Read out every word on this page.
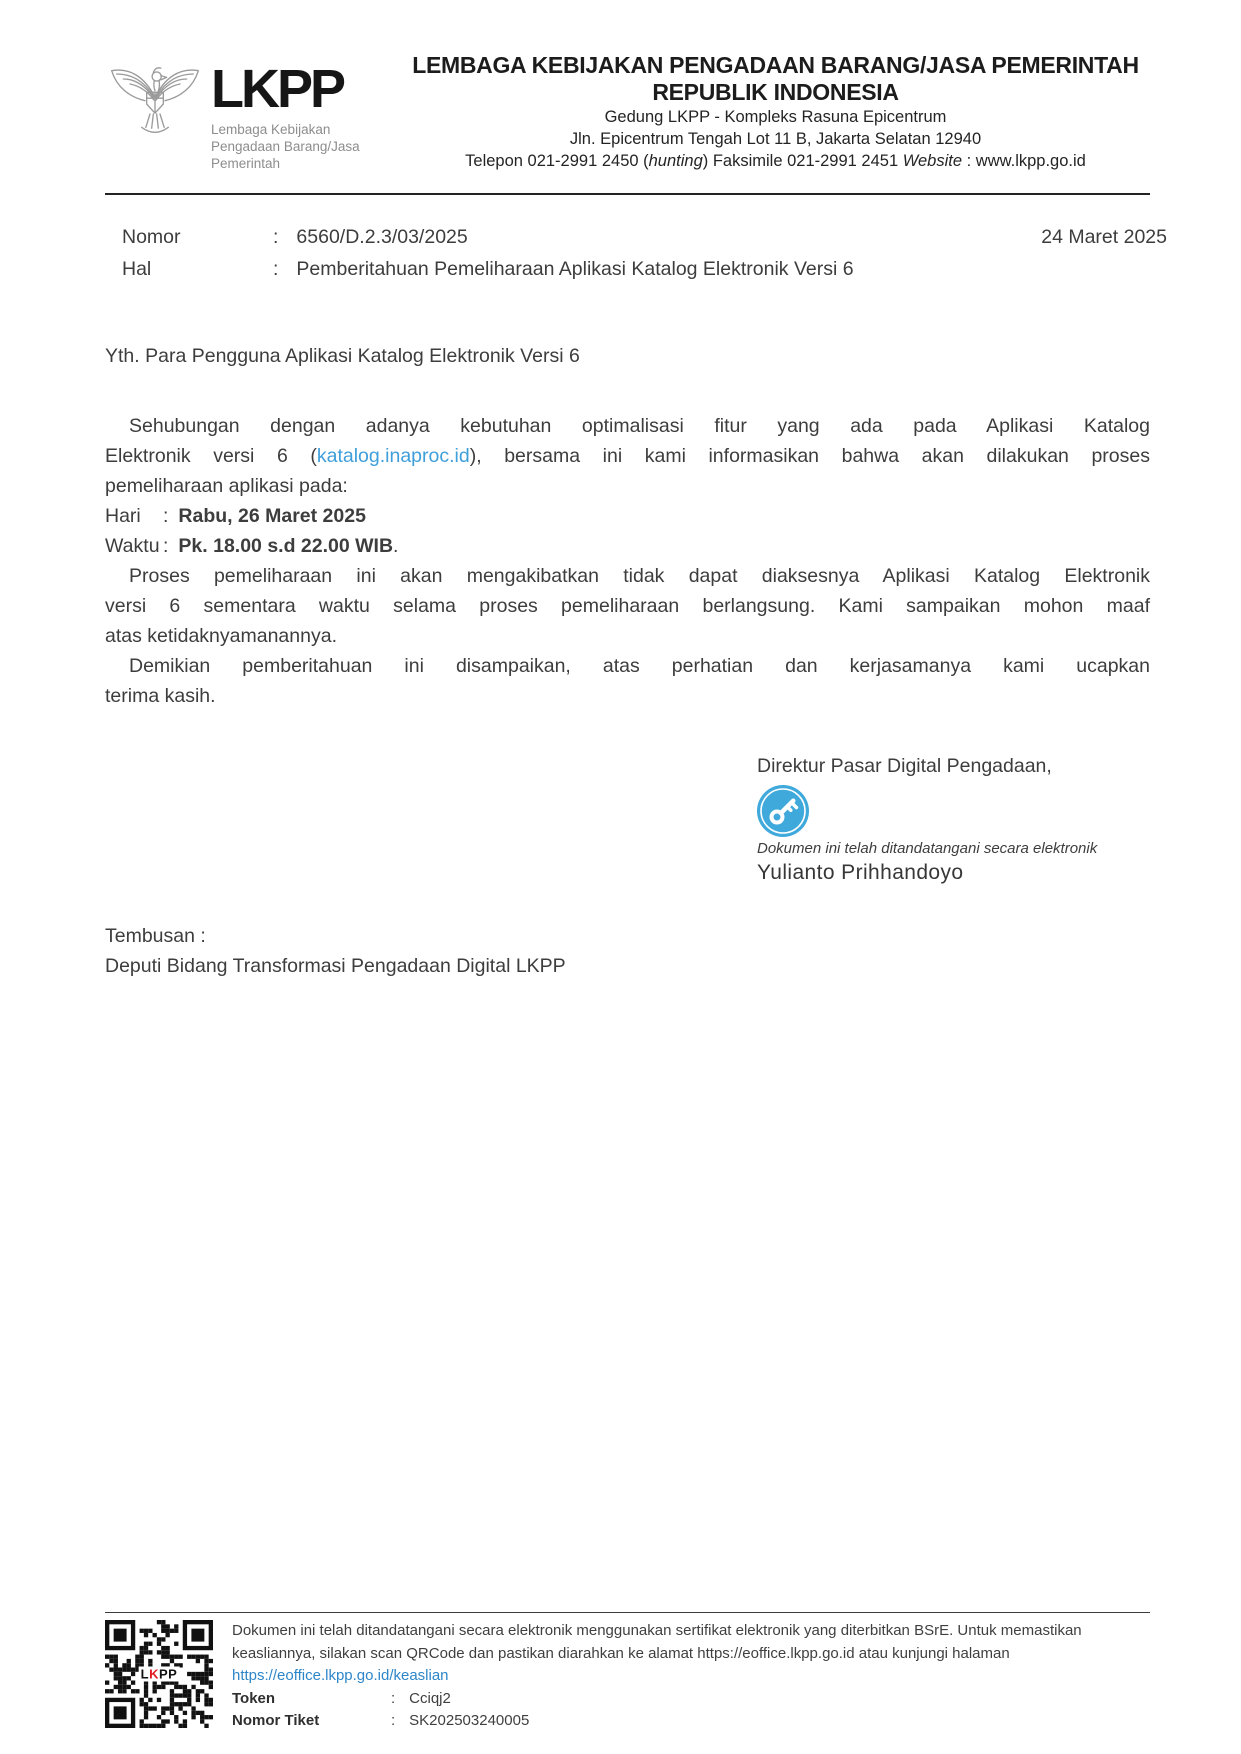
LKPP
Lembaga Kebijakan
Pengadaan Barang/Jasa Pemerintah
LEMBAGA KEBIJAKAN PENGADAAN BARANG/JASA PEMERINTAH
REPUBLIK INDONESIA
Gedung LKPP - Kompleks Rasuna Epicentrum
Jln. Epicentrum Tengah Lot 11 B, Jakarta Selatan 12940
Telepon 021-2991 2450 (hunting) Faksimile 021-2991 2451 Website : www.lkpp.go.id
Nomor	: 6560/D.2.3/03/2025	24 Maret 2025
Hal	: Pemberitahuan Pemeliharaan Aplikasi Katalog Elektronik Versi 6
Yth. Para Pengguna Aplikasi Katalog Elektronik Versi 6
Sehubungan dengan adanya kebutuhan optimalisasi fitur yang ada pada Aplikasi Katalog
Elektronik versi 6 (katalog.inaproc.id), bersama ini kami informasikan bahwa akan dilakukan proses
pemeliharaan aplikasi pada:
Hari	: Rabu, 26 Maret 2025
Waktu : Pk. 18.00 s.d 22.00 WIB.
Proses pemeliharaan ini akan mengakibatkan tidak dapat diaksesnya Aplikasi Katalog Elektronik
versi 6 sementara waktu selama proses pemeliharaan berlangsung. Kami sampaikan mohon maaf
atas ketidaknyamanannya.
Demikian pemberitahuan ini disampaikan, atas perhatian dan kerjasamanya kami ucapkan
terima kasih.
Direktur Pasar Digital Pengadaan,
Dokumen ini telah ditandatangani secara elektronik
Yulianto Prihhandoyo
Tembusan :
Deputi Bidang Transformasi Pengadaan Digital LKPP
LKPP
Dokumen ini telah ditandatangani secara elektronik menggunakan sertifikat elektronik yang diterbitkan BSrE. Untuk memastikan
keasliannya, silakan scan QRCode dan pastikan diarahkan ke alamat https://eoffice.lkpp.go.id atau kunjungi halaman
https://eoffice.lkpp.go.id/keaslian
Token	: Cciqj2
Nomor Tiket	: SK202503240005
